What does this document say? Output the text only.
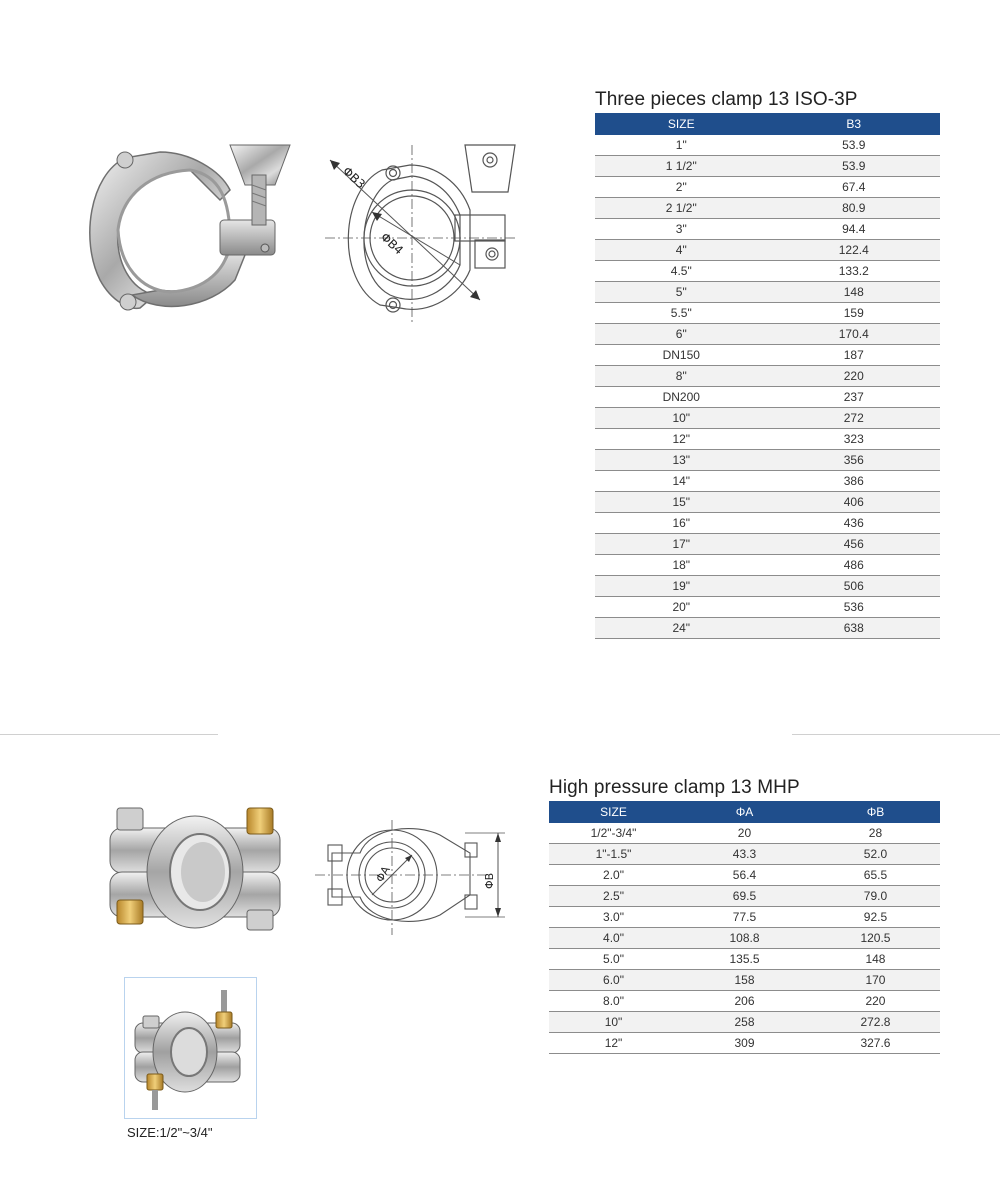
ΦB3
ΦB4
Three pieces clamp 13 ISO-3P
SIZE	B3
1"	53.9
1 1/2"	53.9
2"	67.4
2 1/2"	80.9
3"	94.4
4"	122.4
4.5"	133.2
5"	148
5.5"	159
6"	170.4
DN150	187
8"	220
DN200	237
10"	272
12"	323
13"	356
14"	386
15"	406
16"	436
17"	456
18"	486
19"	506
20"	536
24"	638
ΦA	ΦB
SIZE:1/2"~3/4"
High pressure clamp 13 MHP
SIZE	ΦA	ΦB
1/2"-3/4"	20	28
1"-1.5"	43.3	52.0
2.0"	56.4	65.5
2.5"	69.5	79.0
3.0"	77.5	92.5
4.0"	108.8	120.5
5.0"	135.5	148
6.0"	158	170
8.0"	206	220
10"	258	272.8
12"	309	327.6
